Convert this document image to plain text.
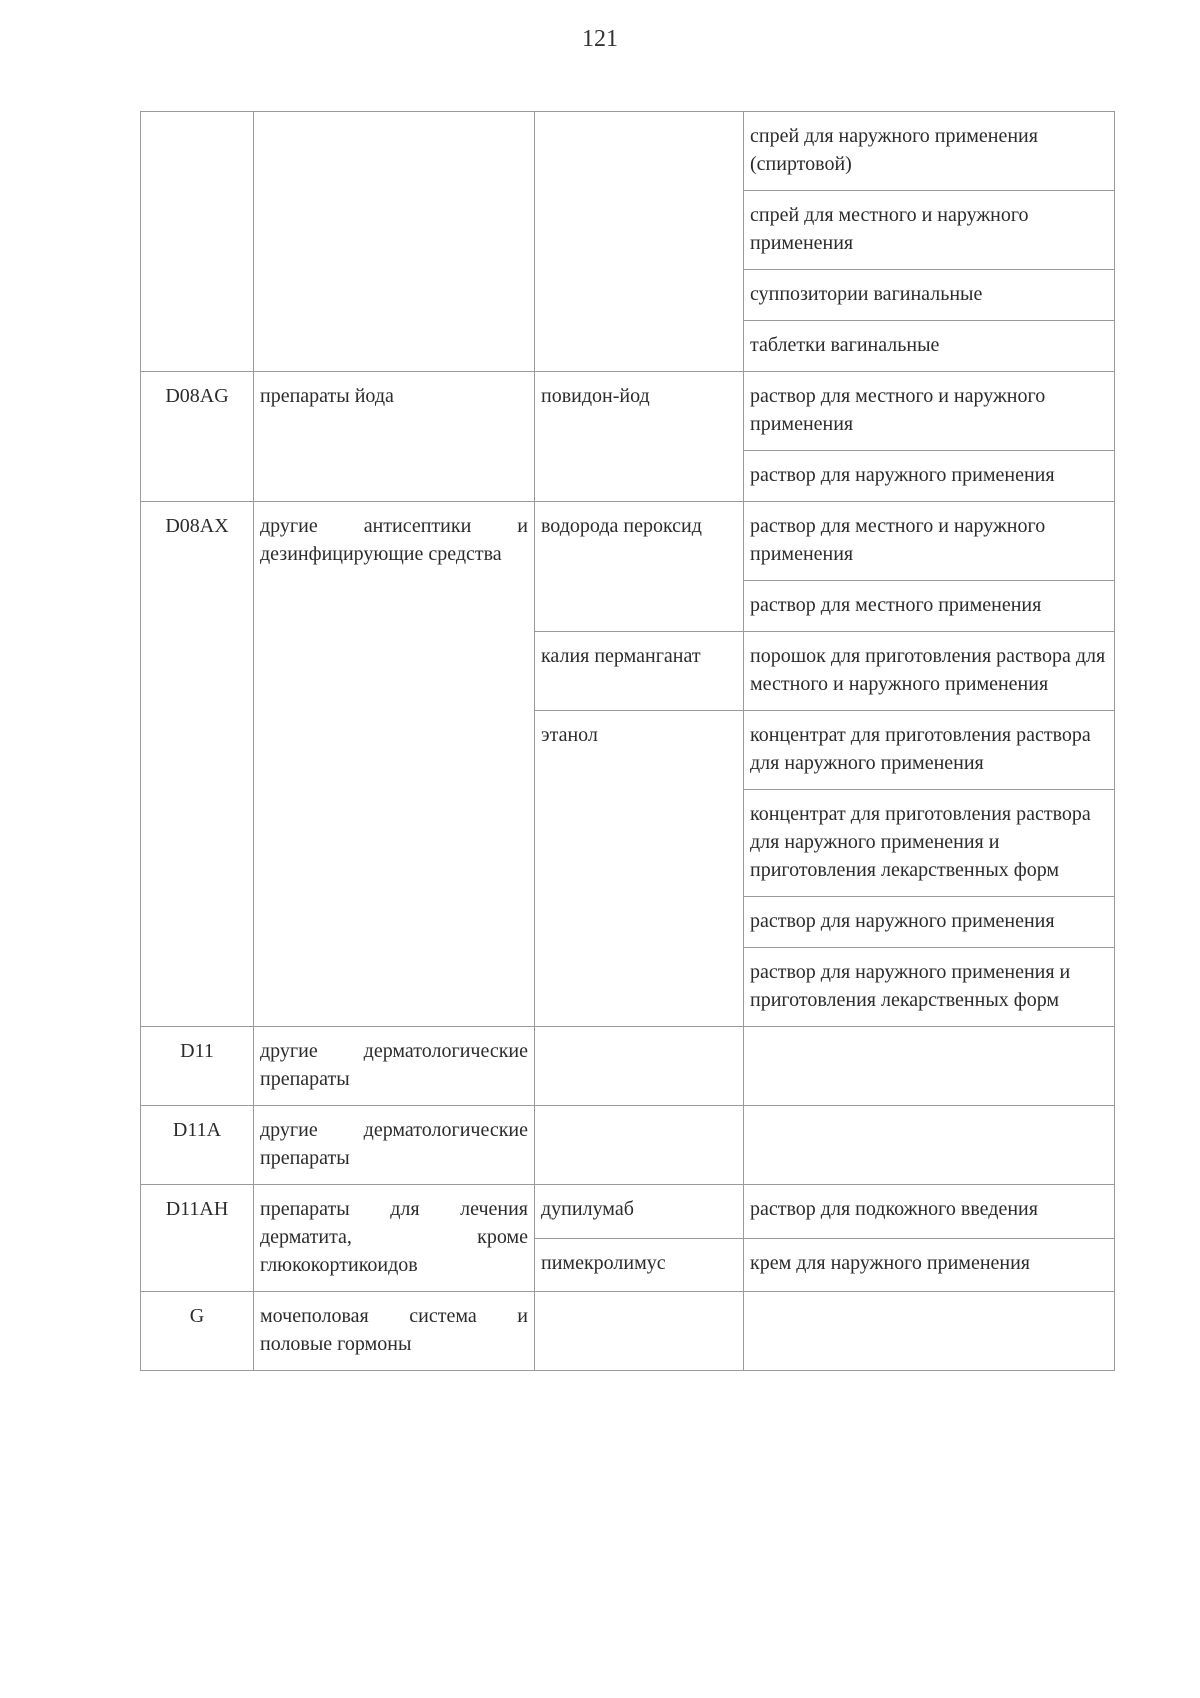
121
			спрей для наружного применения (спиртовой)
			спрей для местного и наружного применения
			суппозитории вагинальные
			таблетки вагинальные
D08AG	препараты йода	повидон-йод	раствор для местного и наружного применения
			раствор для наружного применения
D08AX	другие антисептики и дезинфицирующие средства	водорода пероксид	раствор для местного и наружного применения
			раствор для местного применения
		калия перманганат	порошок для приготовления раствора для местного и наружного применения
		этанол	концентрат для приготовления раствора для наружного применения
			концентрат для приготовления раствора для наружного применения и приготовления лекарственных форм
			раствор для наружного применения
			раствор для наружного применения и приготовления лекарственных форм
D11	другие дерматологические препараты		
D11A	другие дерматологические препараты		
D11AH	препараты для лечения дерматита, кроме глюкокортикоидов	дупилумаб	раствор для подкожного введения
		пимекролимус	крем для наружного применения
G	мочеполовая система и половые гормоны		
